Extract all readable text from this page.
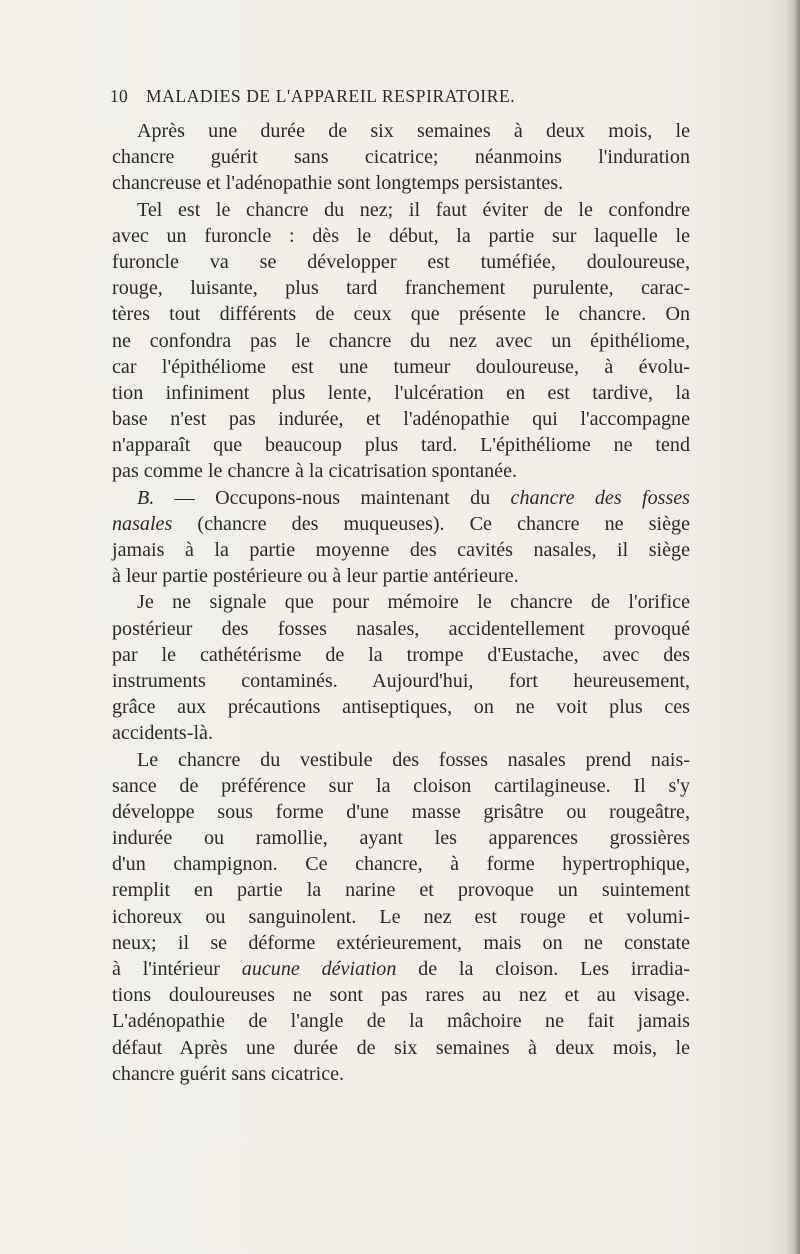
10 MALADIES DE L'APPAREIL RESPIRATOIRE.
Après une durée de six semaines à deux mois, le
chancre guérit sans cicatrice; néanmoins l'induration
chancreuse et l'adénopathie sont longtemps persistantes.
Tel est le chancre du nez; il faut éviter de le confondre
avec un furoncle : dès le début, la partie sur laquelle le
furoncle va se développer est tuméfiée, douloureuse,
rouge, luisante, plus tard franchement purulente, carac-
tères tout différents de ceux que présente le chancre. On
ne confondra pas le chancre du nez avec un épithéliome,
car l'épithéliome est une tumeur douloureuse, à évolu-
tion infiniment plus lente, l'ulcération en est tardive, la
base n'est pas indurée, et l'adénopathie qui l'accompagne
n'apparaît que beaucoup plus tard. L'épithéliome ne tend
pas comme le chancre à la cicatrisation spontanée.
B. — Occupons-nous maintenant du chancre des fosses
nasales (chancre des muqueuses). Ce chancre ne siège
jamais à la partie moyenne des cavités nasales, il siège
à leur partie postérieure ou à leur partie antérieure.
Je ne signale que pour mémoire le chancre de l'orifice
postérieur des fosses nasales, accidentellement provoqué
par le cathétérisme de la trompe d'Eustache, avec des
instruments contaminés. Aujourd'hui, fort heureusement,
grâce aux précautions antiseptiques, on ne voit plus ces
accidents-là.
Le chancre du vestibule des fosses nasales prend nais-
sance de préférence sur la cloison cartilagineuse. Il s'y
développe sous forme d'une masse grisâtre ou rougeâtre,
indurée ou ramollie, ayant les apparences grossières
d'un champignon. Ce chancre, à forme hypertrophique,
remplit en partie la narine et provoque un suintement
ichoreux ou sanguinolent. Le nez est rouge et volumi-
neux; il se déforme extérieurement, mais on ne constate
à l'intérieur aucune déviation de la cloison. Les irradia-
tions douloureuses ne sont pas rares au nez et au visage.
L'adénopathie de l'angle de la mâchoire ne fait jamais
défaut Après une durée de six semaines à deux mois, le
chancre guérit sans cicatrice.
